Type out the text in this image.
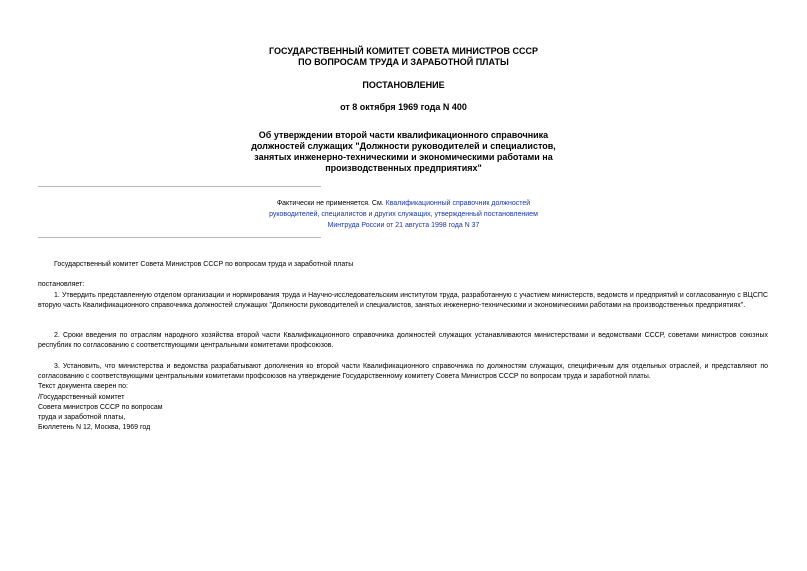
ГОСУДАРСТВЕННЫЙ КОМИТЕТ СОВЕТА МИНИСТРОВ СССР
ПО ВОПРОСАМ ТРУДА И ЗАРАБОТНОЙ ПЛАТЫ
ПОСТАНОВЛЕНИЕ
от 8 октября 1969 года N 400
Об утверждении второй части квалификационного справочника
должностей служащих "Должности руководителей и специалистов,
занятых инженерно-техническими и экономическими работами на
производственных предприятиях"
Фактически не применяется. См. Квалификационный справочник должностей
руководителей, специалистов и других служащих, утвержденный постановлением
Минтруда России от 21 августа 1998 года N 37
Государственный комитет Совета Министров СССР по вопросам труда и заработной платы
постановляет:
1. Утвердить представленную отделом организации и нормирования труда и Научно-исследовательским институтом труда, разработанную с участием министерств, ведомств и предприятий и согласованную с ВЦСПС вторую часть Квалификационного справочника должностей служащих "Должности руководителей и специалистов, занятых инженерно-техническими и экономическими работами на производственных предприятиях".
2. Сроки введения по отраслям народного хозяйства второй части Квалификационного справочника должностей служащих устанавливаются министерствами и ведомствами СССР, советами министров союзных республик по согласованию с соответствующими центральными комитетами профсоюзов.
3. Установить, что министерства и ведомства разрабатывают дополнения ко второй части Квалификационного справочника по должностям служащих, специфичным для отдельных отраслей, и представляют по согласованию с соответствующими центральными комитетами профсоюзов на утверждение Государственному комитету Совета Министров СССР по вопросам труда и заработной платы.
Текст документа сверен по:
/Государственный комитет
Совета министров СССР по вопросам
труда и заработной платы,
Бюллетень N 12, Москва, 1969 год
